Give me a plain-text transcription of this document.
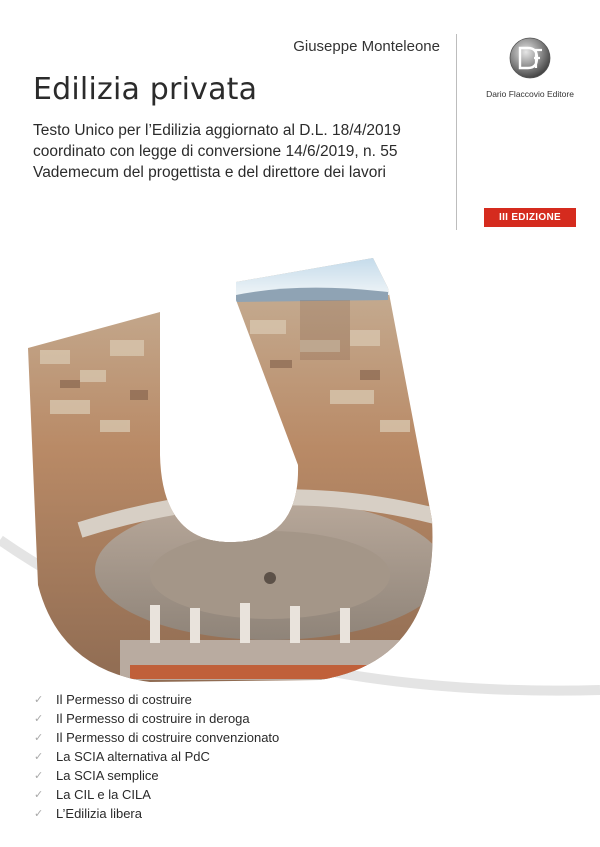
Giuseppe Monteleone
Edilizia privata
Testo Unico per l’Edilizia aggiornato al D.L. 18/4/2019
coordinato con legge di conversione 14/6/2019, n. 55
Vademecum del progettista e del direttore dei lavori
Dario Flaccovio Editore
III EDIZIONE
✓ Il Permesso di costruire
✓ Il Permesso di costruire in deroga
✓ Il Permesso di costruire convenzionato
✓ La SCIA alternativa al PdC
✓ La SCIA semplice
✓ La CIL e la CILA
✓ L’Edilizia libera
